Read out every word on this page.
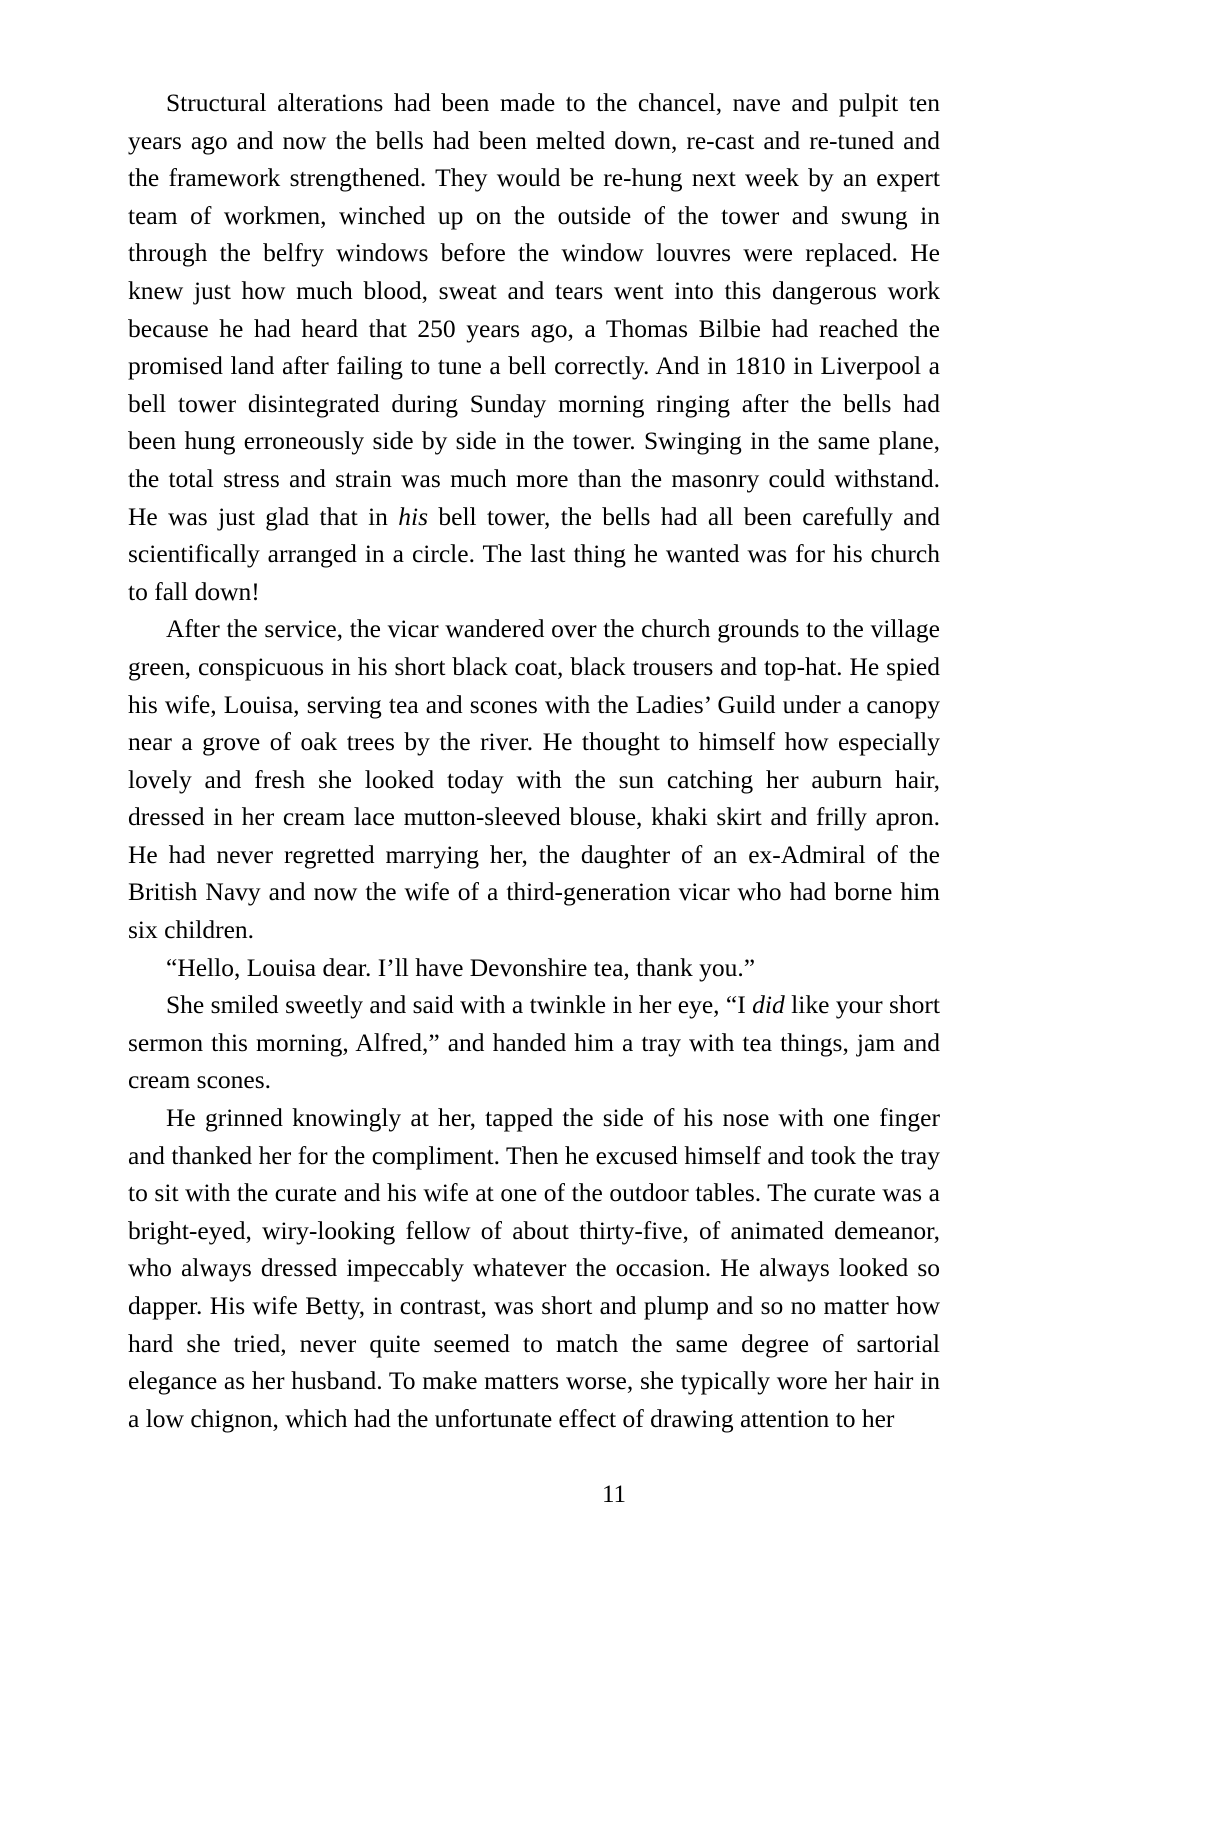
Structural alterations had been made to the chancel, nave and pulpit ten years ago and now the bells had been melted down, re-cast and re-tuned and the framework strengthened. They would be re-hung next week by an expert team of workmen, winched up on the outside of the tower and swung in through the belfry windows before the window louvres were replaced. He knew just how much blood, sweat and tears went into this dangerous work because he had heard that 250 years ago, a Thomas Bilbie had reached the promised land after failing to tune a bell correctly. And in 1810 in Liverpool a bell tower disintegrated during Sunday morning ringing after the bells had been hung erroneously side by side in the tower. Swinging in the same plane, the total stress and strain was much more than the masonry could withstand. He was just glad that in his bell tower, the bells had all been carefully and scientifically arranged in a circle. The last thing he wanted was for his church to fall down!

After the service, the vicar wandered over the church grounds to the village green, conspicuous in his short black coat, black trousers and top-hat. He spied his wife, Louisa, serving tea and scones with the Ladies’ Guild under a canopy near a grove of oak trees by the river. He thought to himself how especially lovely and fresh she looked today with the sun catching her auburn hair, dressed in her cream lace mutton-sleeved blouse, khaki skirt and frilly apron. He had never regretted marrying her, the daughter of an ex-Admiral of the British Navy and now the wife of a third-generation vicar who had borne him six children.

“Hello, Louisa dear. I’ll have Devonshire tea, thank you.”

She smiled sweetly and said with a twinkle in her eye, “I did like your short sermon this morning, Alfred,” and handed him a tray with tea things, jam and cream scones.

He grinned knowingly at her, tapped the side of his nose with one finger and thanked her for the compliment. Then he excused himself and took the tray to sit with the curate and his wife at one of the outdoor tables. The curate was a bright-eyed, wiry-looking fellow of about thirty-five, of animated demeanor, who always dressed impeccably whatever the occasion. He always looked so dapper. His wife Betty, in contrast, was short and plump and so no matter how hard she tried, never quite seemed to match the same degree of sartorial elegance as her husband. To make matters worse, she typically wore her hair in a low chignon, which had the unfortunate effect of drawing attention to her

11
